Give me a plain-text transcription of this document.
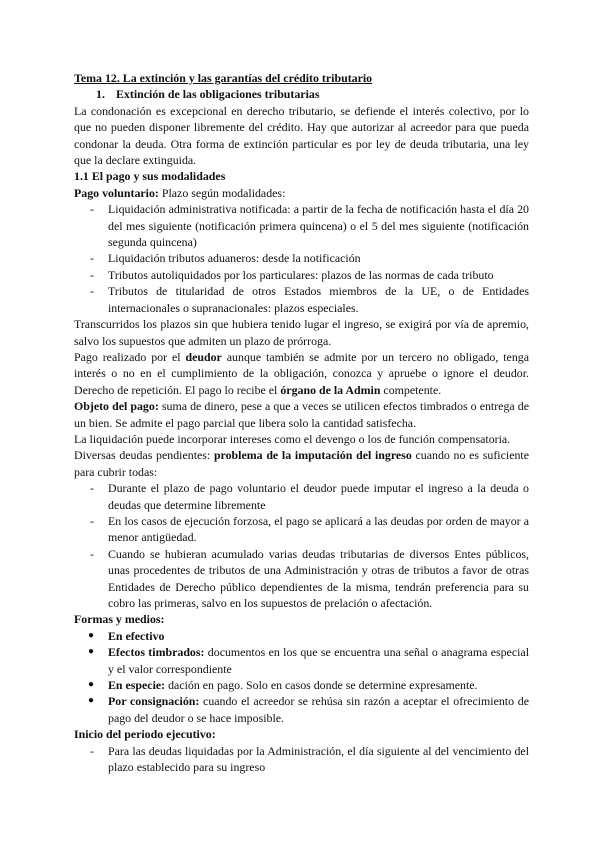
Tema 12. La extinción y las garantías del crédito tributario

1. Extinción de las obligaciones tributarias

La condonación es excepcional en derecho tributario, se defiende el interés colectivo, por lo que no pueden disponer libremente del crédito. Hay que autorizar al acreedor para que pueda condonar la deuda. Otra forma de extinción particular es por ley de deuda tributaria, una ley que la declare extinguida.

1.1 El pago y sus modalidades

Pago voluntario: Plazo según modalidades:

- Liquidación administrativa notificada: a partir de la fecha de notificación hasta el día 20 del mes siguiente (notificación primera quincena) o el 5 del mes siguiente (notificación segunda quincena)
- Liquidación tributos aduaneros: desde la notificación
- Tributos autoliquidados por los particulares: plazos de las normas de cada tributo
- Tributos de titularidad de otros Estados miembros de la UE, o de Entidades internacionales o supranacionales: plazos especiales.

Transcurridos los plazos sin que hubiera tenido lugar el ingreso, se exigirá por vía de apremio, salvo los supuestos que admiten un plazo de prórroga.

Pago realizado por el deudor aunque también se admite por un tercero no obligado, tenga interés o no en el cumplimiento de la obligación, conozca y apruebe o ignore el deudor. Derecho de repetición. El pago lo recibe el órgano de la Admin competente.

Objeto del pago: suma de dinero, pese a que a veces se utilicen efectos timbrados o entrega de un bien. Se admite el pago parcial que libera solo la cantidad satisfecha.

La liquidación puede incorporar intereses como el devengo o los de función compensatoria.

Diversas deudas pendientes: problema de la imputación del ingreso cuando no es suficiente para cubrir todas:

- Durante el plazo de pago voluntario el deudor puede imputar el ingreso a la deuda o deudas que determine libremente
- En los casos de ejecución forzosa, el pago se aplicará a las deudas por orden de mayor a menor antigüedad.
- Cuando se hubieran acumulado varias deudas tributarias de diversos Entes públicos, unas procedentes de tributos de una Administración y otras de tributos a favor de otras Entidades de Derecho público dependientes de la misma, tendrán preferencia para su cobro las primeras, salvo en los supuestos de prelación o afectación.

Formas y medios:

● En efectivo
● Efectos timbrados: documentos en los que se encuentra una señal o anagrama especial y el valor correspondiente
● En especie: dación en pago. Solo en casos donde se determine expresamente.
● Por consignación: cuando el acreedor se rehúsa sin razón a aceptar el ofrecimiento de pago del deudor o se hace imposible.

Inicio del periodo ejecutivo:

- Para las deudas liquidadas por la Administración, el día siguiente al del vencimiento del plazo establecido para su ingreso
